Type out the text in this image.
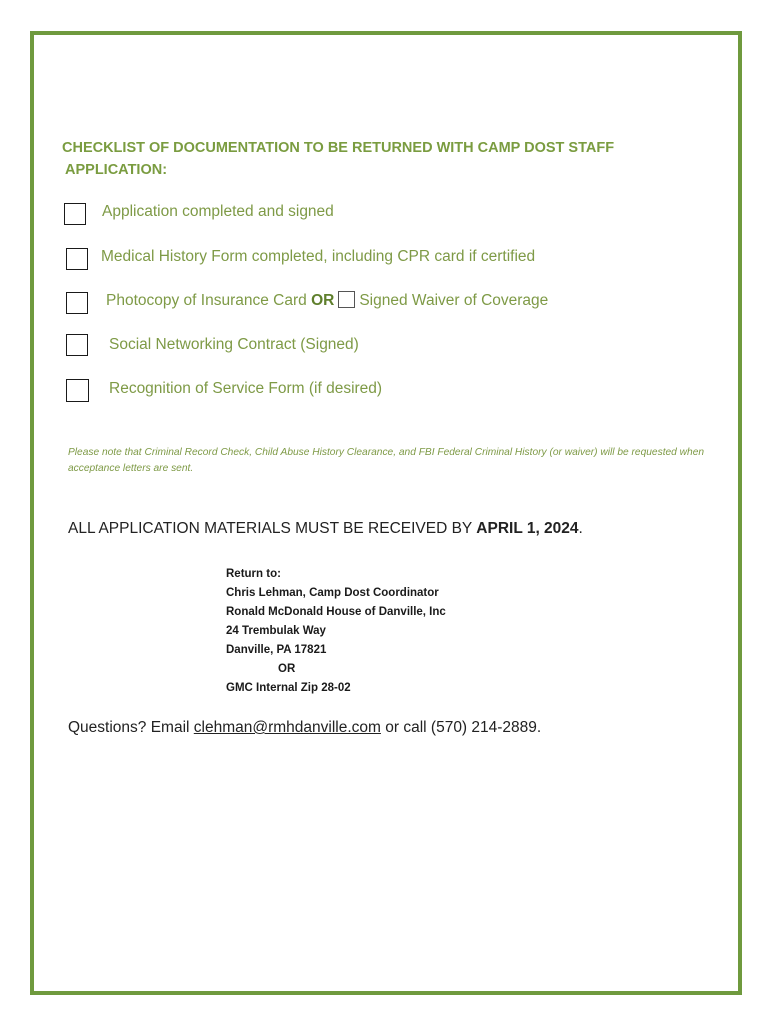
CHECKLIST OF DOCUMENTATION TO BE RETURNED WITH CAMP DOST STAFF
APPLICATION:
Application completed and signed
Medical History Form completed, including CPR card if certified
Photocopy of Insurance Card OR Signed Waiver of Coverage
Social Networking Contract (Signed)
Recognition of Service Form (if desired)
Please note that Criminal Record Check, Child Abuse History Clearance, and FBI Federal Criminal History (or waiver) will be requested when acceptance letters are sent.
ALL APPLICATION MATERIALS MUST BE RECEIVED BY APRIL 1, 2024.
Return to:
Chris Lehman, Camp Dost Coordinator
Ronald McDonald House of Danville, Inc
24 Trembulak Way
Danville, PA 17821
OR
GMC Internal Zip 28-02
Questions? Email clehman@rmhdanville.com or call (570) 214-2889.
